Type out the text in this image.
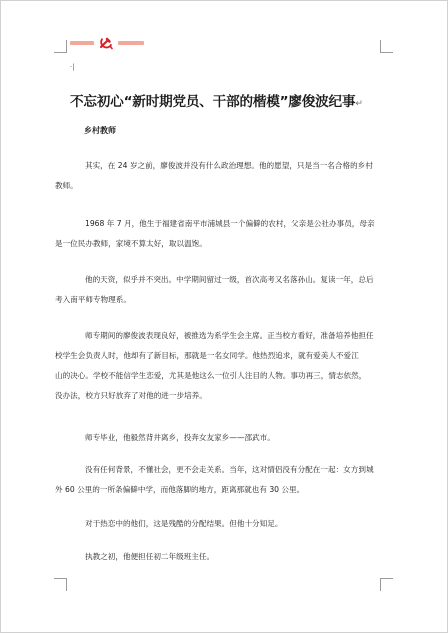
·|
不忘初心“新时期党员、干部的楷模”廖俊波纪事↵
乡村教师

其实，在 24 岁之前，廖俊波并没有什么政治理想。他的愿望，只是当一名合格的乡村
教师。

1968 年 7 月，他生于福建省南平市浦城县一个偏僻的农村，父亲是公社办事员，母亲
是一位民办教师，家境不算太好，取以温饱。

他的天资，似乎并不突出。中学期间留过一级，首次高考又名落孙山。复读一年，总后
考入南平师专物理系。

师专期间的廖俊波表现良好，被推选为系学生会主席。正当校方看好，准备培养他担任
校学生会负责人时，他却有了新目标，那就是一名女同学。他热烈追求，就有爱美人不爱江
山的决心。学校不能信学生恋爱，尤其是他这么一位引人注目的人物。事功再三，情志依然，
没办法，校方只好放弃了对他的进一步培养。

师专毕业，他毅然背井离乡，投奔女友家乡——邵武市。

没有任何背景，不懂社会，更不会走关系。当年，这对情侣没有分配在一起：女方到城
外 60 公里的一所条偏僻中学，而他落脚的地方，距离那就也有 30 公里。

对于热恋中的他们，这是残酷的分配结果。但他十分知足。

执教之初，他便担任初二年级班主任。
